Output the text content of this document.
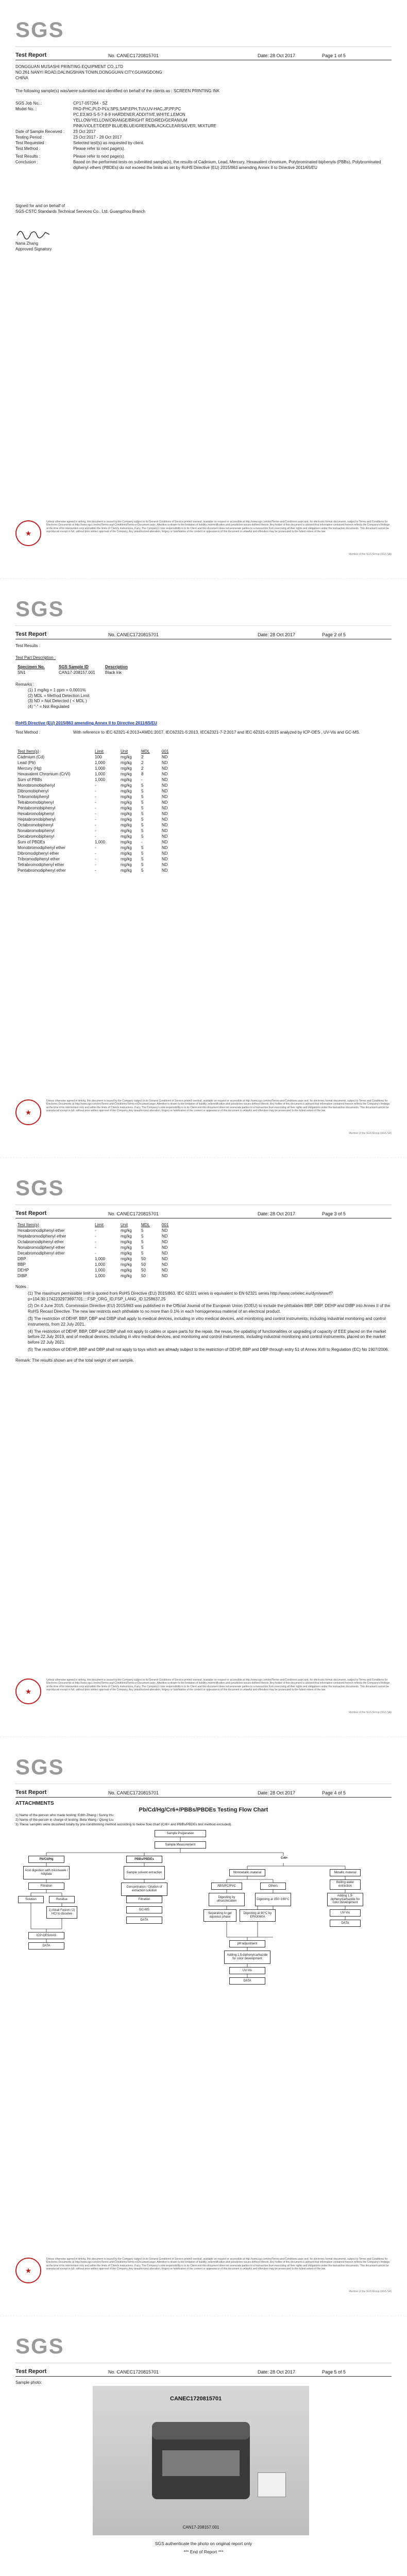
SGS
Test Report	No. CANEC1720815701	Date: 28 Oct 2017	Page 1 of 5
DONGGUAN MUSASHI PRINTING EQUIPMENT CO.,LTD
NO.261 NANYI ROAD,DALINGSHAN TOWN,DONGGUAN CITY,GUANGDONG
CHINA
The following sample(s) was/were submitted and identified on behalf of the clients as : SCREEN PRINTING INK
SGS Job No. :	CP17-057264 - SZ
Model No. :	PAD-PHC,PLD-PLV,SPS,SAP,EPH,TUV,UV-HAC,JP,PP,PC
PC,E3,M3-S-5-7-8-9 HARDENER,ADDITIVE,WHITE,LEMON
YELLOW/YELLOW/ORANGE/BRIGHT RED/RED/GERANIUM
PINK/VIOLET/DEEP BLUE/BLUE/GREEN/BLACK/CLEAR/SILVER, MIXTURE
Date of Sample Received :	23 Oct 2017
Testing Period :	23 Oct 2017 - 28 Oct 2017
Test Requested :	Selected test(s) as requested by client.
Test Method :	Please refer to next page(s).
Test Results :	Please refer to next page(s).
Conclusion :	Based on the performed tests on submitted sample(s), the results of Cadmium, Lead, Mercury, Hexavalent chromium, Polybrominated biphenyls (PBBs), Polybrominated diphenyl ethers (PBDEs) do not exceed the limits as set by RoHS Directive (EU) 2015/863 amending Annex II to Directive 2011/65/EU
Signed for and on behalf of
SGS-CSTC Standards Technical Services Co., Ltd. Guangzhou Branch
Nana Zhang
Approved Signatory
★
Unless otherwise agreed in writing, this document is issued by the Company subject to its General Conditions of Service printed overleaf, available on request or accessible at http://www.sgs.com/en/Terms-and-Conditions.aspx and, for electronic format documents, subject to Terms and Conditions for Electronic Documents at http://www.sgs.com/en/Terms-and-Conditions/Terms-e-Document.aspx. Attention is drawn to the limitation of liability, indemnification and jurisdiction issues defined therein. Any holder of this document is advised that information contained hereon reflects the Company's findings at the time of its intervention only and within the limits of Client's instructions, if any. The Company's sole responsibility is to its Client and this document does not exonerate parties to a transaction from exercising all their rights and obligations under the transaction documents. This document cannot be reproduced except in full, without prior written approval of the Company. Any unauthorized alteration, forgery or falsification of the content or appearance of this document is unlawful and offenders may be prosecuted to the fullest extent of the law.
Member of the SGS Group (SGS SA)
SGS
Test Report	No. CANEC1720815701	Date: 28 Oct 2017	Page 2 of 5
Test Results :
Test Part Description :
Specimen No.	SGS Sample ID	Description
SN1	CAN17-208157.001	Black ink
Remarks :
(1) 1 mg/kg = 1 ppm = 0.0001%
(2) MDL = Method Detection Limit
(3) ND = Not Detected ( < MDL )
(4) "-" = Not Regulated
RoHS Directive (EU) 2015/863 amending Annex II to Directive 2011/65/EU
Test Method :	With reference to IEC 62321-4:2013+AMD1:2017, IEC62321-5:2013, IEC62321-7-2:2017 and IEC 62321-6:2015 analyzed by ICP-OES , UV-Vis and GC-MS.
Test Item(s)	Limit	Unit	MDL	001
Cadmium (Cd)	100	mg/kg	2	ND
Lead (Pb)	1,000	mg/kg	2	ND
Mercury (Hg)	1,000	mg/kg	2	ND
Hexavalent Chromium (CrVI)	1,000	mg/kg	8	ND
Sum of PBBs	1,000	mg/kg	-	ND
Monobromobiphenyl	-	mg/kg	5	ND
Dibromobiphenyl	-	mg/kg	5	ND
Tribromobiphenyl	-	mg/kg	5	ND
Tetrabromobiphenyl	-	mg/kg	5	ND
Pentabromobiphenyl	-	mg/kg	5	ND
Hexabromobiphenyl	-	mg/kg	5	ND
Heptabromobiphenyl	-	mg/kg	5	ND
Octabromobiphenyl	-	mg/kg	5	ND
Nonabromobiphenyl	-	mg/kg	5	ND
Decabromobiphenyl	-	mg/kg	5	ND
Sum of PBDEs	1,000	mg/kg	-	ND
Monobromodiphenyl ether	-	mg/kg	5	ND
Dibromodiphenyl ether	-	mg/kg	5	ND
Tribromodiphenyl ether	-	mg/kg	5	ND
Tetrabromodiphenyl ether	-	mg/kg	5	ND
Pentabromodiphenyl ether	-	mg/kg	5	ND
★
Unless otherwise agreed in writing, this document is issued by the Company subject to its General Conditions of Service printed overleaf, available on request or accessible at http://www.sgs.com/en/Terms-and-Conditions.aspx and, for electronic format documents, subject to Terms and Conditions for Electronic Documents at http://www.sgs.com/en/Terms-and-Conditions/Terms-e-Document.aspx. Attention is drawn to the limitation of liability, indemnification and jurisdiction issues defined therein. Any holder of this document is advised that information contained hereon reflects the Company's findings at the time of its intervention only and within the limits of Client's instructions, if any. The Company's sole responsibility is to its Client and this document does not exonerate parties to a transaction from exercising all their rights and obligations under the transaction documents. This document cannot be reproduced except in full, without prior written approval of the Company. Any unauthorized alteration, forgery or falsification of the content or appearance of this document is unlawful and offenders may be prosecuted to the fullest extent of the law.
Member of the SGS Group (SGS SA)
SGS
Test Report	No. CANEC1720815701	Date: 28 Oct 2017	Page 3 of 5
Test Item(s)	Limit	Unit	MDL	001
Hexabromodiphenyl ether	-	mg/kg	5	ND
Heptabromodiphenyl ether	-	mg/kg	5	ND
Octabromodiphenyl ether	-	mg/kg	5	ND
Nonabromodiphenyl ether	-	mg/kg	5	ND
Decabromodiphenyl ether	-	mg/kg	5	ND
DBP	1,000	mg/kg	50	ND
BBP	1,000	mg/kg	50	ND
DEHP	1,000	mg/kg	50	ND
DIBP	1,000	mg/kg	50	ND
Notes :
(1) The maximum permissible limit is quoted from RoHS Directive (EU) 2015/863. IEC 62321 series is equivalent to EN 62321 series http://www.cenelec.eu/dyn/www/f?p=104:30:1742232973697701::::FSP_ORG_ID,FSP_LANG_ID:1258637,25
(2) On 4 June 2015, Commission Directive (EU) 2015/863 was published in the Official Journal of the European Union (OJEU) to include the phthalates BBP, DBP, DEHP and DIBP into Annex II of the RoHS Recast Directive. The new law restricts each phthalate to no more than 0.1% in each homogeneous material of an electrical product.
(3) The restriction of DEHP, BBP, DBP and DIBP shall apply to medical devices, including in vitro medical devices, and monitoring and control instruments, including industrial monitoring and control instruments, from 22 July 2021.
(4) The restriction of DEHP, BBP, DBP and DIBP shall not apply to cables or spare parts for the repair, the reuse, the updating of functionalities or upgrading of capacity of EEE placed on the market before 22 July 2019, and of medical devices, including in vitro medical devices, and monitoring and control instruments, including industrial monitoring and control instruments, placed on the market before 22 July 2021.
(5) The restriction of DEHP, BBP and DBP shall not apply to toys which are already subject to the restriction of DEHP, BBP and DBP through entry 51 of Annex XVII to Regulation (EC) No 1907/2006.
Remark: The results shown are of the total weight of wet sample.
★
Unless otherwise agreed in writing, this document is issued by the Company subject to its General Conditions of Service printed overleaf, available on request or accessible at http://www.sgs.com/en/Terms-and-Conditions.aspx and, for electronic format documents, subject to Terms and Conditions for Electronic Documents at http://www.sgs.com/en/Terms-and-Conditions/Terms-e-Document.aspx. Attention is drawn to the limitation of liability, indemnification and jurisdiction issues defined therein. Any holder of this document is advised that information contained hereon reflects the Company's findings at the time of its intervention only and within the limits of Client's instructions, if any. The Company's sole responsibility is to its Client and this document does not exonerate parties to a transaction from exercising all their rights and obligations under the transaction documents. This document cannot be reproduced except in full, without prior written approval of the Company. Any unauthorized alteration, forgery or falsification of the content or appearance of this document is unlawful and offenders may be prosecuted to the fullest extent of the law.
Member of the SGS Group (SGS SA)
SGS
Test Report	No. CANEC1720815701	Date: 28 Oct 2017	Page 4 of 5
ATTACHMENTS
Pb/Cd/Hg/Cr6+/PBBs/PBDEs Testing Flow Chart
1) Name of the person who made testing: Edith Zhang / Sunny Hu
2) Name of the person in charge of testing: Beta Wang / Qiong Liu
3) These samples were dissolved totally by pre-conditioning method according to below flow chart (Cr6+ and PBBs/PBDEs test method excluded).
Sample Preparation
Sample Measurement
Pb/Cd/Hg	PBBs/PBDEs	Cr6+
Acid digestion with microwave / hotplate
Filtration
Solution	Residue
1) Alkali Fusion / 2) HCl to dissolve
ICP-OES/AAS
DATA
Sample solvent extraction
Concentration / Dilution of extraction solution
Filtration
GC-MS
DATA
Nonmetallic material	Metallic material
ABS/PC/PVC	Others
Digesting by ultrasonication
Digesting at 150~160°C
Digesting at 90°C by EPA3060A
Separating to get aqueous phase
pH adjustment
Adding 1,5-diphenylcarbazide for color development
UV-Vis
DATA
Boiling water extraction
Adding 1,5-diphenylcarbazide for color development
UV-Vis
DATA
★
Unless otherwise agreed in writing, this document is issued by the Company subject to its General Conditions of Service printed overleaf, available on request or accessible at http://www.sgs.com/en/Terms-and-Conditions.aspx and, for electronic format documents, subject to Terms and Conditions for Electronic Documents at http://www.sgs.com/en/Terms-and-Conditions/Terms-e-Document.aspx. Attention is drawn to the limitation of liability, indemnification and jurisdiction issues defined therein. Any holder of this document is advised that information contained hereon reflects the Company's findings at the time of its intervention only and within the limits of Client's instructions, if any. The Company's sole responsibility is to its Client and this document does not exonerate parties to a transaction from exercising all their rights and obligations under the transaction documents. This document cannot be reproduced except in full, without prior written approval of the Company. Any unauthorized alteration, forgery or falsification of the content or appearance of this document is unlawful and offenders may be prosecuted to the fullest extent of the law.
Member of the SGS Group (SGS SA)
SGS
Test Report	No. CANEC1720815701	Date: 28 Oct 2017	Page 5 of 5
Sample photo:
CANEC1720815701
CAN17-208157.001
SGS authenticate the photo on original report only
*** End of Report ***
